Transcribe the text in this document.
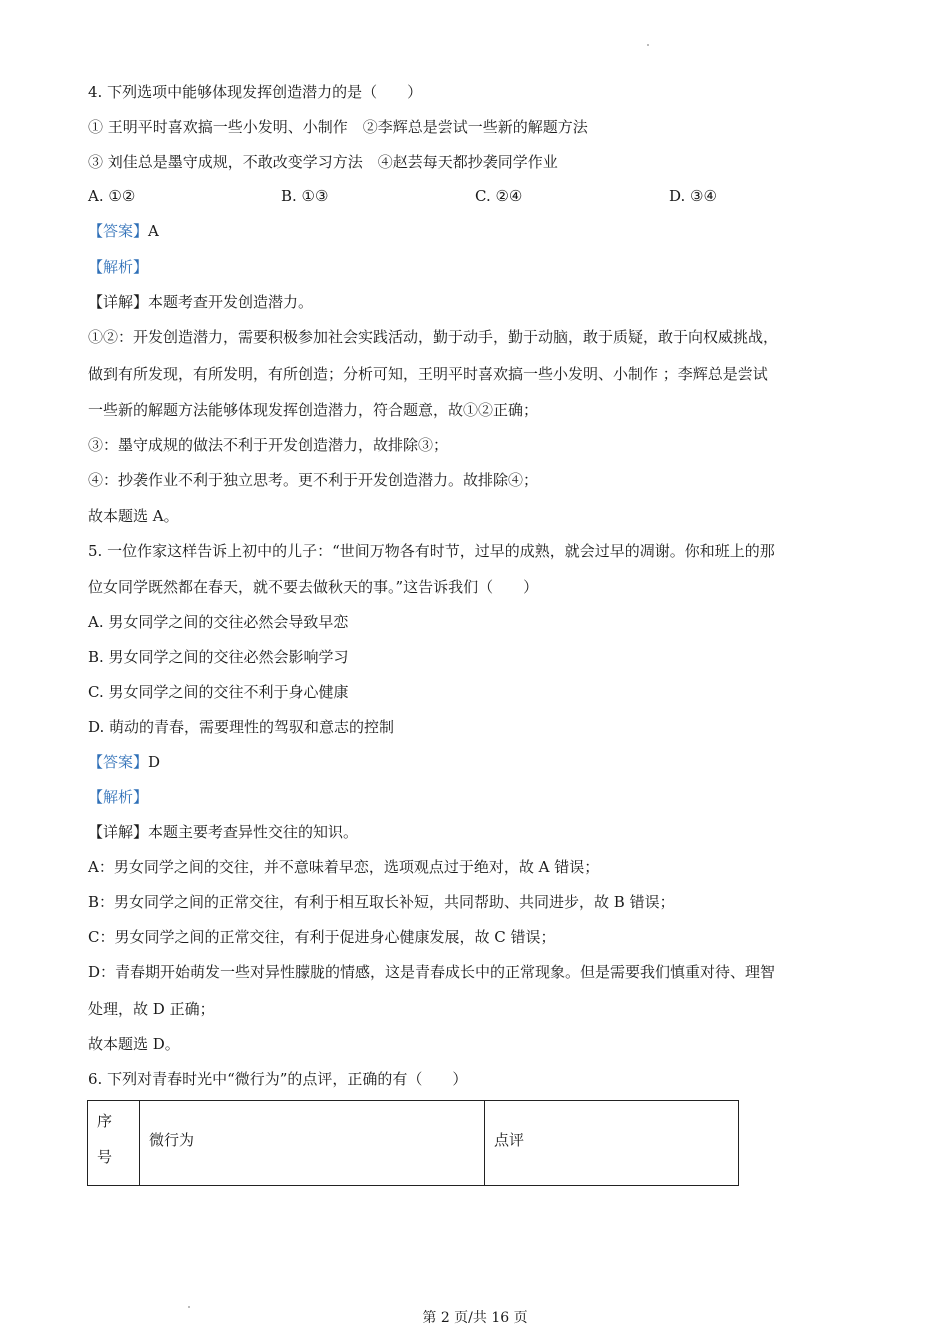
4. 下列选项中能够体现发挥创造潜力的是（　　）
① 王明平时喜欢搞一些小发明、小制作　②李辉总是尝试一些新的解题方法
③ 刘佳总是墨守成规，不敢改变学习方法　④赵芸每天都抄袭同学作业
A. ①②	B. ①③	C. ②④	D. ③④
【答案】A
【解析】
【详解】本题考查开发创造潜力。
①②：开发创造潜力，需要积极参加社会实践活动，勤于动手，勤于动脑，敢于质疑，敢于向权威挑战，
做到有所发现，有所发明，有所创造；分析可知，王明平时喜欢搞一些小发明、小制作 ；李辉总是尝试
一些新的解题方法能够体现发挥创造潜力，符合题意，故①②正确；
③：墨守成规的做法不利于开发创造潜力，故排除③；
④：抄袭作业不利于独立思考。更不利于开发创造潜力。故排除④；
故本题选 A。
5. 一位作家这样告诉上初中的儿子：“世间万物各有时节，过早的成熟，就会过早的凋谢。你和班上的那
位女同学既然都在春天，就不要去做秋天的事。”这告诉我们（　　）
A. 男女同学之间的交往必然会导致早恋
B. 男女同学之间的交往必然会影响学习
C. 男女同学之间的交往不利于身心健康
D. 萌动的青春，需要理性的驾驭和意志的控制
【答案】D
【解析】
【详解】本题主要考查异性交往的知识。
A：男女同学之间的交往，并不意味着早恋，选项观点过于绝对，故 A 错误；
B：男女同学之间的正常交往，有利于相互取长补短，共同帮助、共同进步，故 B 错误；
C：男女同学之间的正常交往，有利于促进身心健康发展，故 C 错误；
D：青春期开始萌发一些对异性朦胧的情感，这是青春成长中的正常现象。但是需要我们慎重对待、理智
处理，故 D 正确；
故本题选 D。
6. 下列对青春时光中“微行为”的点评，正确的有（　　）
序号	微行为	点评
第 2 页/共 16 页
